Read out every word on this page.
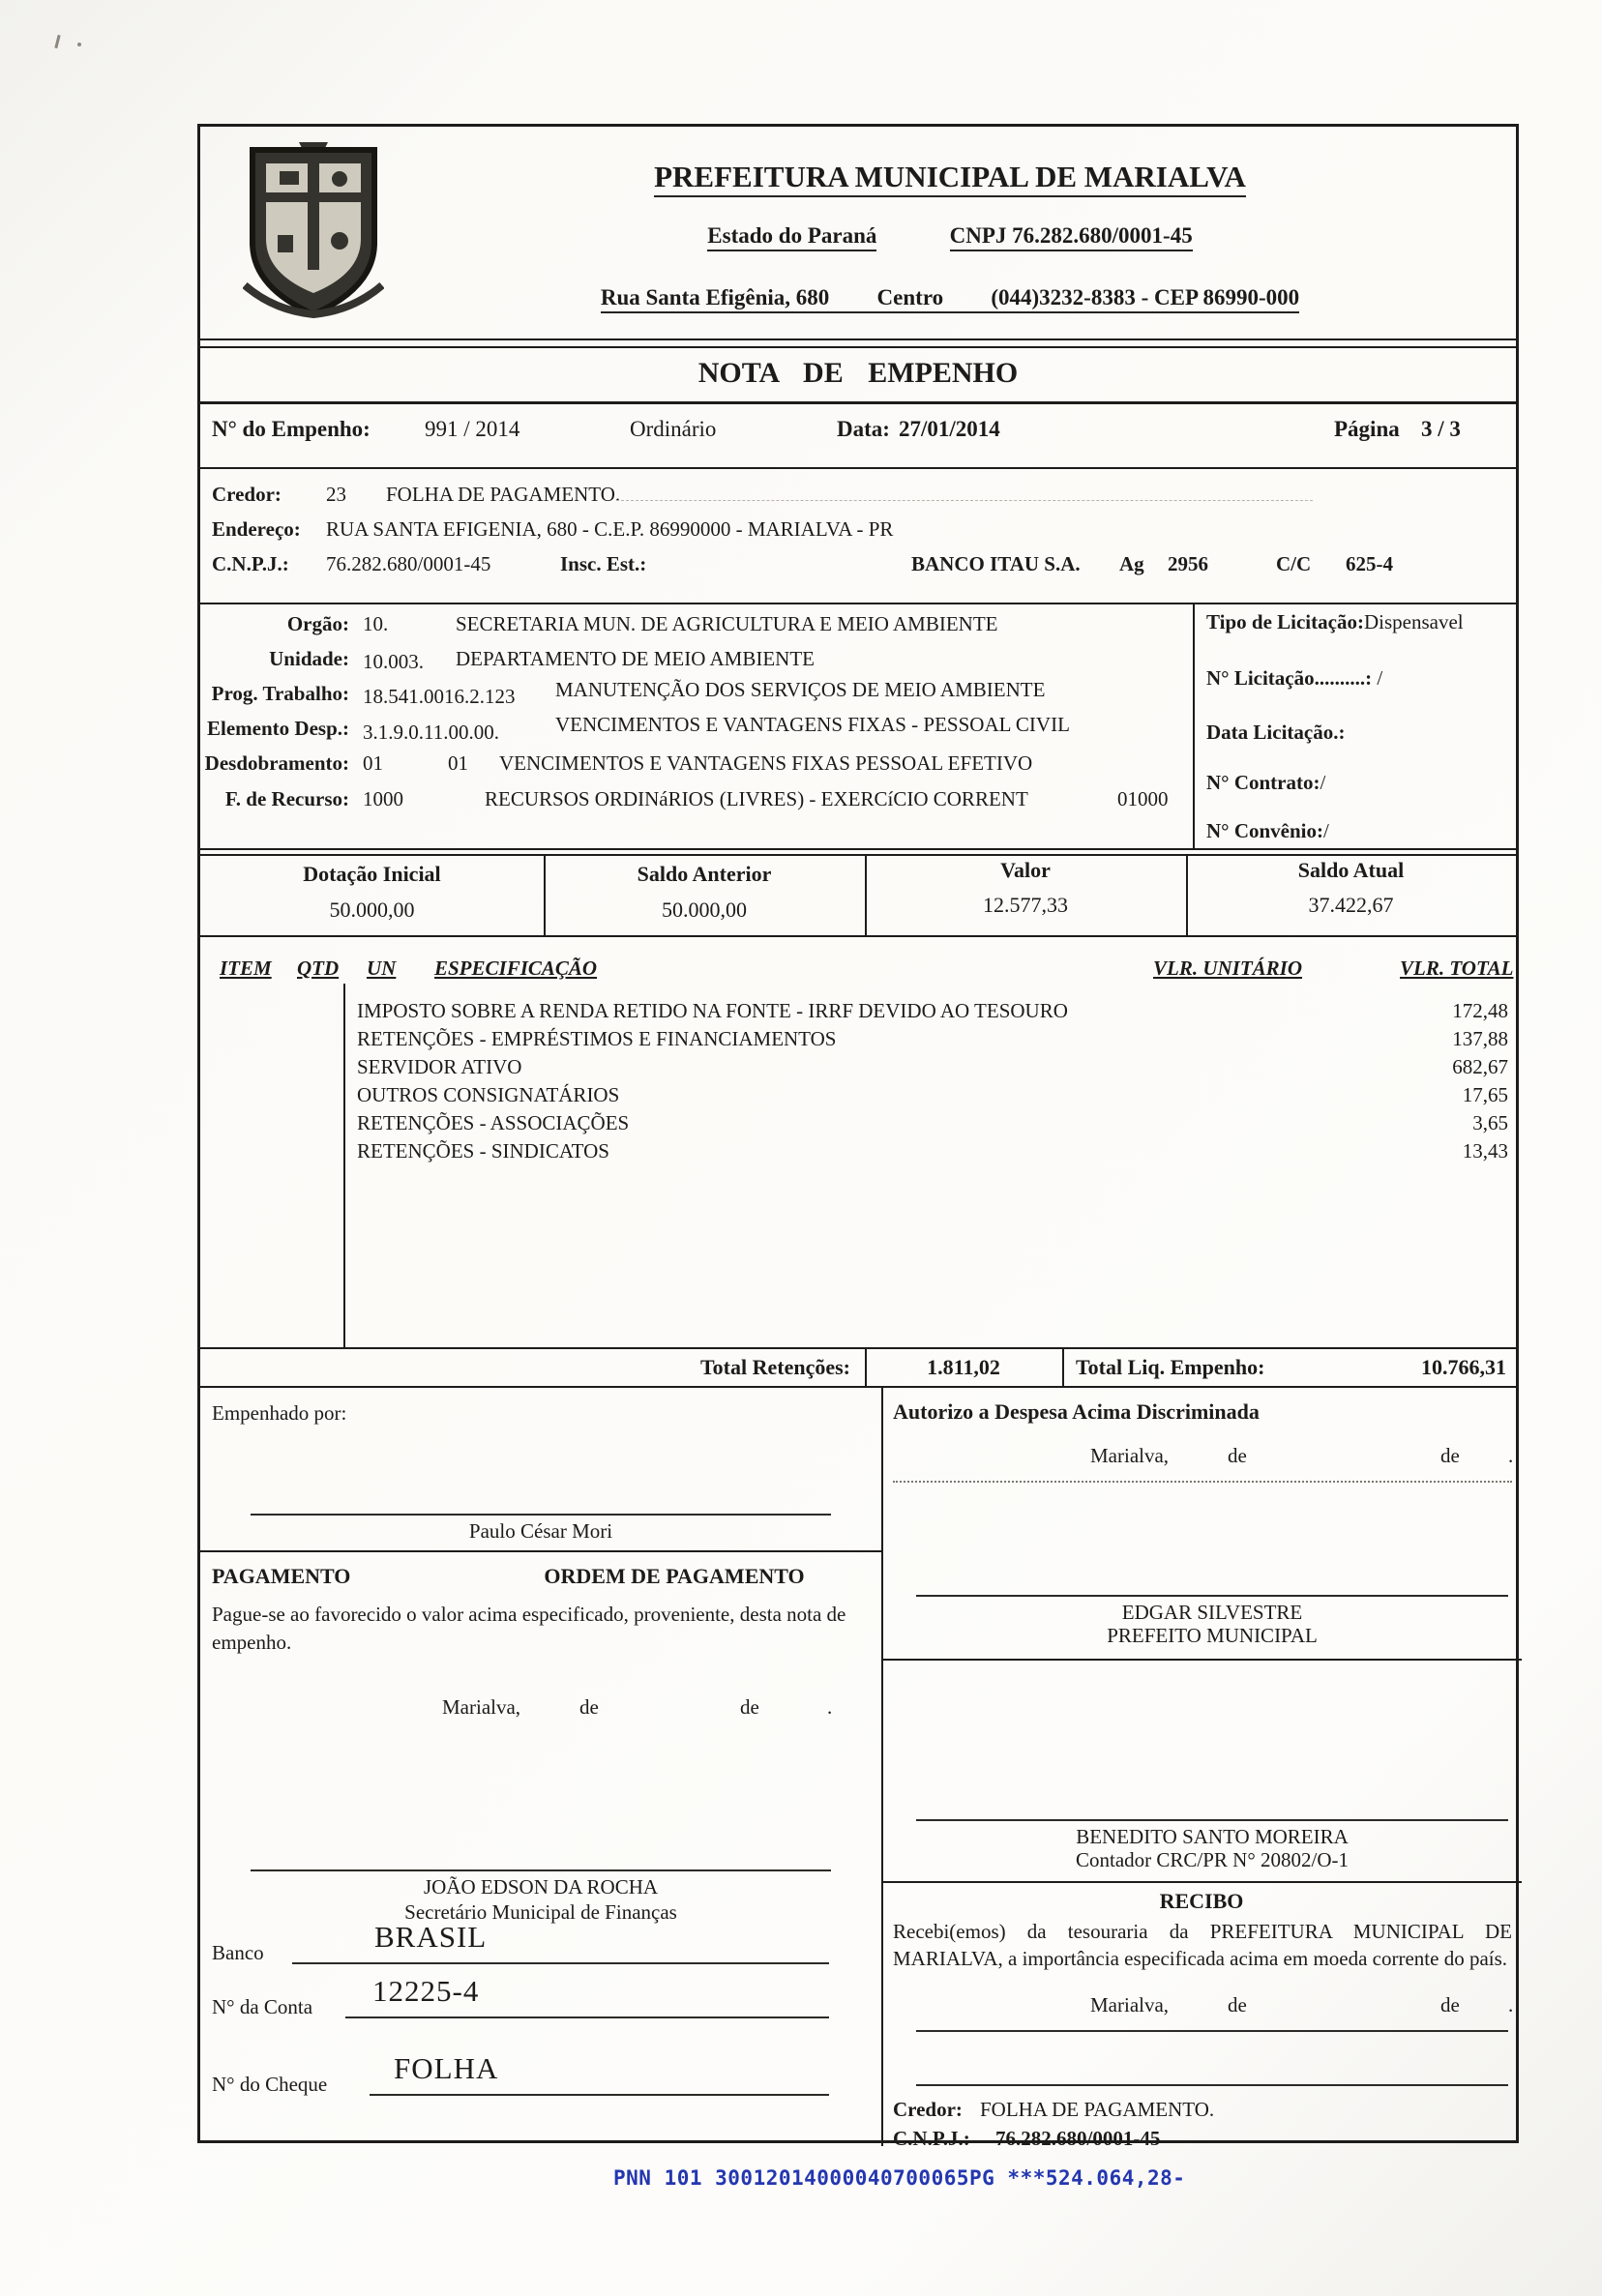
PREFEITURA MUNICIPAL DE MARIALVA
Estado do Paraná	CNPJ 76.282.680/0001-45
Rua Santa Efigênia, 680 Centro (044)3232-8383 - CEP 86990-000
NOTA DE EMPENHO
N° do Empenho: 991 / 2014	Ordinário	Data: 27/01/2014	Página 3 / 3
Credor: 23 FOLHA DE PAGAMENTO.
Endereço: RUA SANTA EFIGENIA, 680 - C.E.P. 86990000 - MARIALVA - PR
C.N.P.J.: 76.282.680/0001-45	Insc. Est.:	BANCO ITAU S.A. Ag 2956	C/C 625-4
Orgão: 10.	SECRETARIA MUN. DE AGRICULTURA E MEIO AMBIENTE
Unidade: 10.003. DEPARTAMENTO DE MEIO AMBIENTE
Prog. Trabalho: 18.541.0016.2.123 MANUTENÇÃO DOS SERVIÇOS DE MEIO AMBIENTE
Elemento Desp.: 3.1.9.0.11.00.00.	VENCIMENTOS E VANTAGENS FIXAS - PESSOAL CIVIL
Desdobramento: 01	01 VENCIMENTOS E VANTAGENS FIXAS PESSOAL EFETIVO
F. de Recurso: 1000	RECURSOS ORDINáRIOS (LIVRES) - EXERCíCIO CORRENT	01000
Tipo de Licitação:Dispensavel
N° Licitação..........: /
Data Licitação.:
N° Contrato:/
N° Convênio:/
Dotação Inicial	Saldo Anterior	Valor	Saldo Atual
50.000,00	50.000,00	12.577,33	37.422,67
ITEM QTD UN ESPECIFICAÇÃO	VLR. UNITÁRIO	VLR. TOTAL
IMPOSTO SOBRE A RENDA RETIDO NA FONTE - IRRF DEVIDO AO TESOURO	172,48
RETENÇÕES - EMPRÉSTIMOS E FINANCIAMENTOS	137,88
SERVIDOR ATIVO	682,67
OUTROS CONSIGNATÁRIOS	17,65
RETENÇÕES - ASSOCIAÇÕES	3,65
RETENÇÕES - SINDICATOS	13,43
Total Retenções:	1.811,02	Total Liq. Empenho:	10.766,31
Empenhado por:
Paulo César Mori
Autorizo a Despesa Acima Discriminada
Marialva,	de	de .
PAGAMENTO	ORDEM DE PAGAMENTO
Pague-se ao favorecido o valor acima especificado, proveniente, desta nota de empenho.
Marialva,	de	de	.
JOÃO EDSON DA ROCHA
Secretário Municipal de Finanças
BRASIL
Banco
12225-4
N° da Conta
FOLHA
N° do Cheque
EDGAR SILVESTRE
PREFEITO MUNICIPAL
BENEDITO SANTO MOREIRA
Contador CRC/PR N° 20802/O-1
RECIBO
Recebi(emos) da tesouraria da PREFEITURA MUNICIPAL DE MARIALVA, a importância especificada acima em moeda corrente do país.
Marialva,	de	de .
Credor: FOLHA DE PAGAMENTO.
C.N.P.J.: 76.282.680/0001-45
PNN 101 30012014000040700065PG ***524.064,28-
